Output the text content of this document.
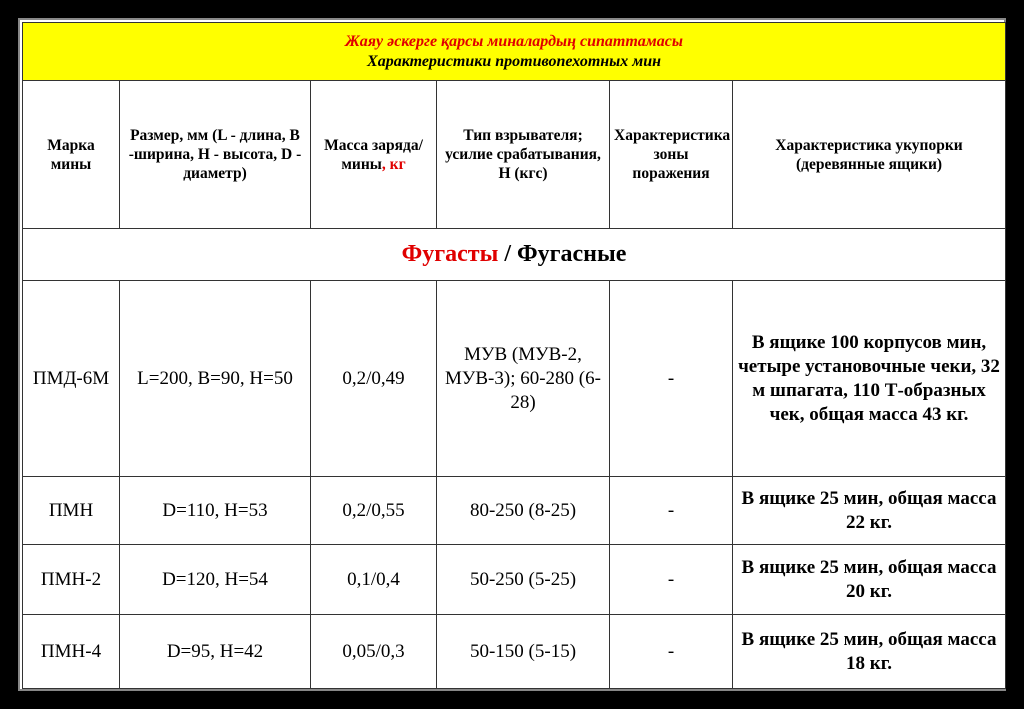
Жаяу әскерге қарсы миналардың сипаттамасы
Характеристики противопехотных мин					

Марка мины	Размер, мм (L - длина, В -ширина, Н - высота, D - диаметр)	Масса заряда/мины, кг	Тип взрывателя; усилие срабатывания, Н (кгс)	Характеристика зоны поражения	Характеристика укупорки (деревянные ящики)
Фугасты / Фугасные					
ПМД-6М	L=200, В=90, Н=50	0,2/0,49	МУВ (МУВ-2, МУВ-3); 60-280 (6-28)	-	В ящике 100 корпусов мин, четыре установочные чеки, 32 м шпагата, 110 Т-образных чек, общая масса 43 кг.
ПМН	D=110, Н=53	0,2/0,55	80-250 (8-25)	-	В ящике 25 мин, общая масса 22 кг.
ПМН-2	D=120, Н=54	0,1/0,4	50-250 (5-25)	-	В ящике 25 мин, общая масса 20 кг.
ПМН-4	D=95, Н=42	0,05/0,3	50-150 (5-15)	-	В ящике 25 мин, общая масса 18 кг.
